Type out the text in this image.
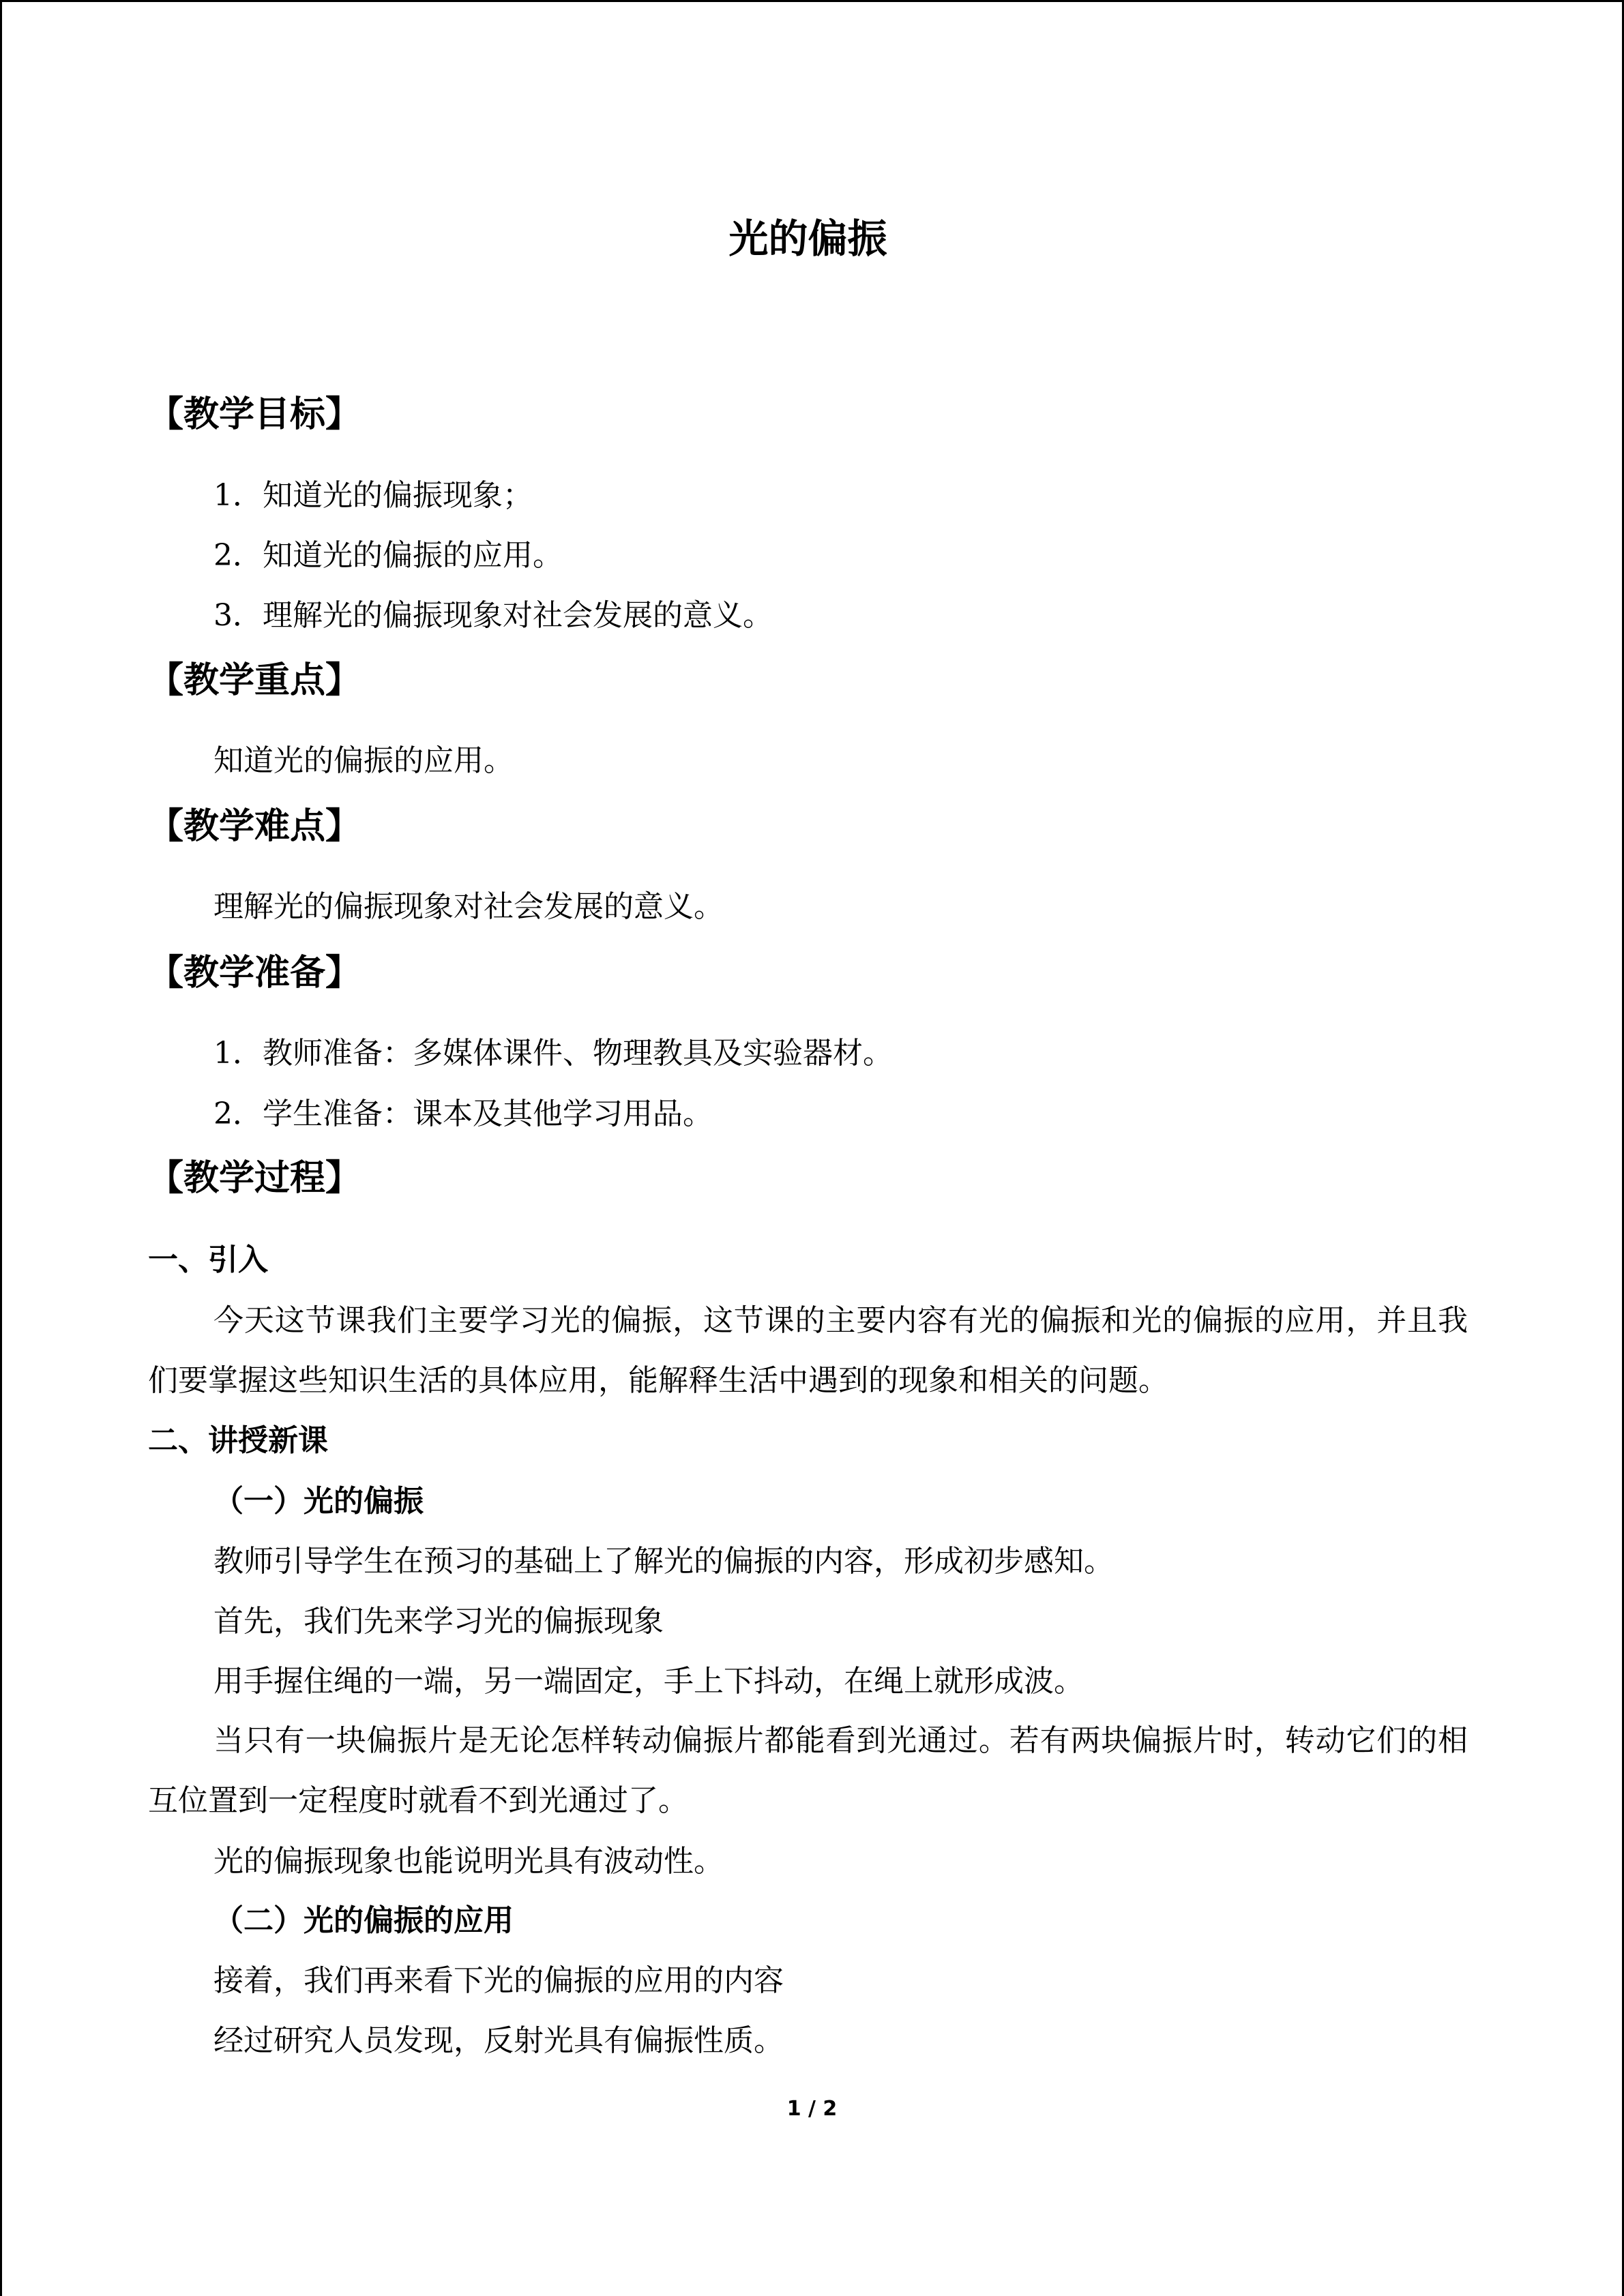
光的偏振
【教学目标】
1．知道光的偏振现象；
2．知道光的偏振的应用。
3．理解光的偏振现象对社会发展的意义。
【教学重点】
知道光的偏振的应用。
【教学难点】
理解光的偏振现象对社会发展的意义。
【教学准备】
1．教师准备：多媒体课件、物理教具及实验器材。
2．学生准备：课本及其他学习用品。
【教学过程】
一、引入
今天这节课我们主要学习光的偏振，这节课的主要内容有光的偏振和光的偏振的应用，并且我们要掌握这些知识生活的具体应用，能解释生活中遇到的现象和相关的问题。
二、讲授新课
（一）光的偏振
教师引导学生在预习的基础上了解光的偏振的内容，形成初步感知。
首先，我们先来学习光的偏振现象
用手握住绳的一端，另一端固定，手上下抖动，在绳上就形成波。
当只有一块偏振片是无论怎样转动偏振片都能看到光通过。若有两块偏振片时，转动它们的相互位置到一定程度时就看不到光通过了。
光的偏振现象也能说明光具有波动性。
（二）光的偏振的应用
接着，我们再来看下光的偏振的应用的内容
经过研究人员发现，反射光具有偏振性质。
1 / 2
